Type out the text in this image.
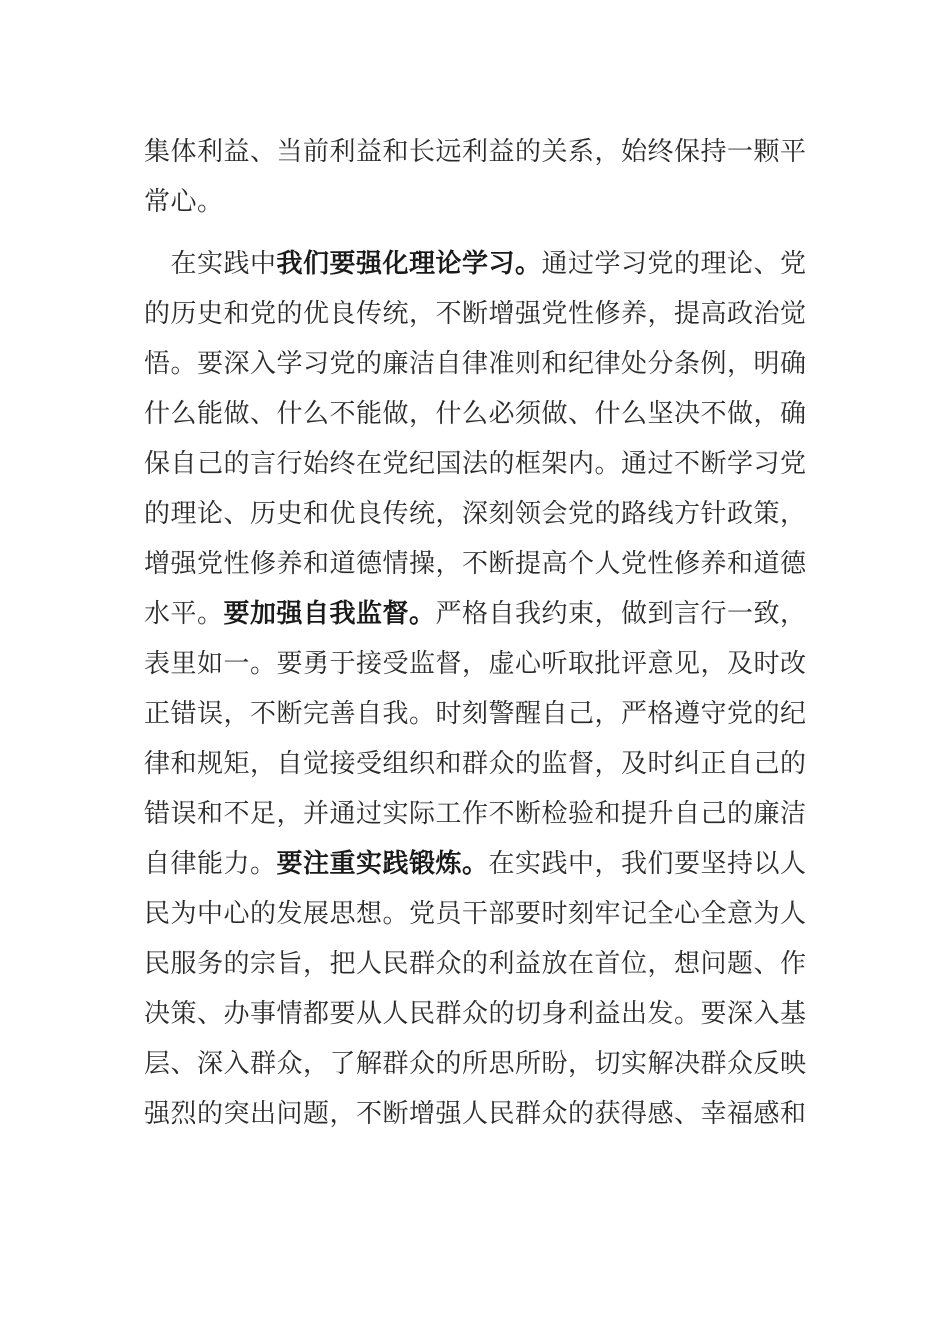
集体利益、当前利益和长远利益的关系，始终保持一颗平
常心。
　在实践中我们要强化理论学习。通过学习党的理论、党
的历史和党的优良传统，不断增强党性修养，提高政治觉
悟。要深入学习党的廉洁自律准则和纪律处分条例，明确
什么能做、什么不能做，什么必须做、什么坚决不做，确
保自己的言行始终在党纪国法的框架内。通过不断学习党
的理论、历史和优良传统，深刻领会党的路线方针政策，
增强党性修养和道德情操，不断提高个人党性修养和道德
水平。要加强自我监督。严格自我约束，做到言行一致，
表里如一。要勇于接受监督，虚心听取批评意见，及时改
正错误，不断完善自我。时刻警醒自己，严格遵守党的纪
律和规矩，自觉接受组织和群众的监督，及时纠正自己的
错误和不足，并通过实际工作不断检验和提升自己的廉洁
自律能力。要注重实践锻炼。在实践中，我们要坚持以人
民为中心的发展思想。党员干部要时刻牢记全心全意为人
民服务的宗旨，把人民群众的利益放在首位，想问题、作
决策、办事情都要从人民群众的切身利益出发。要深入基
层、深入群众，了解群众的所思所盼，切实解决群众反映
强烈的突出问题，不断增强人民群众的获得感、幸福感和
